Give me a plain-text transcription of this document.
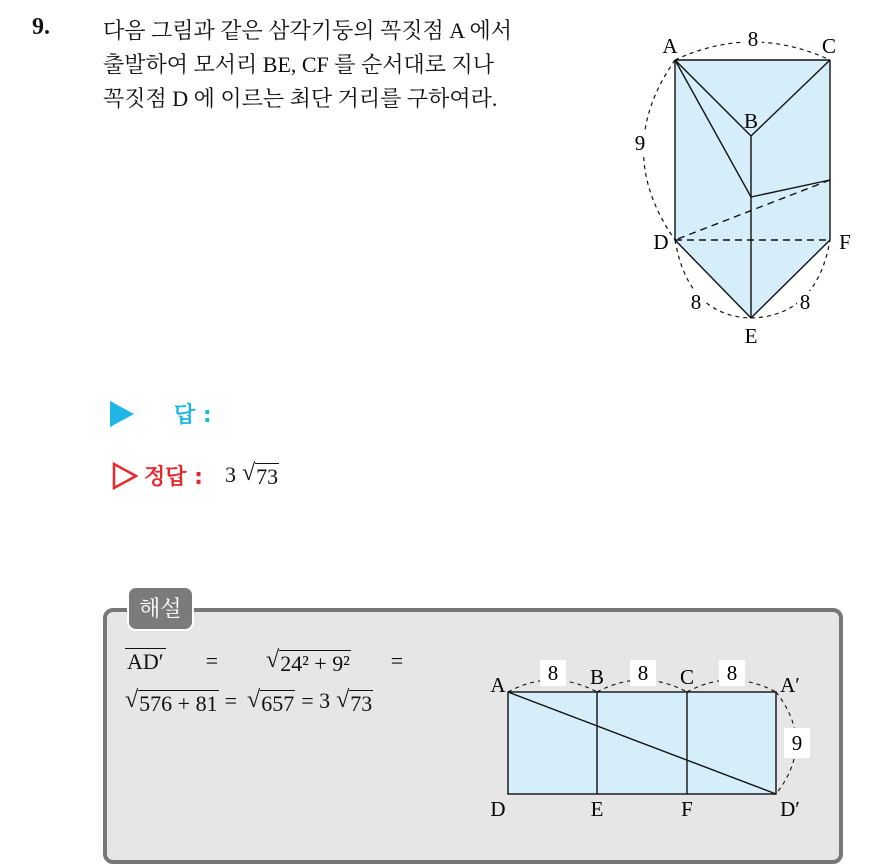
9. 다음 그림과 같은 삼각기둥의 꼭짓점 A 에서
출발하여 모서리 BE, CF 를 순서대로 지나
꼭짓점 D 에 이르는 최단 거리를 구하여라.
8
9
8	8
A
B
C
D
E
F
답 :
정답 : 3 √ 73
해설
AD′ = √ 24² + 9² =
√ 576 + 81 = √ 657 = 3 √ 73
8	8	8
9
A	B	C	A′
D	E	F	D′
